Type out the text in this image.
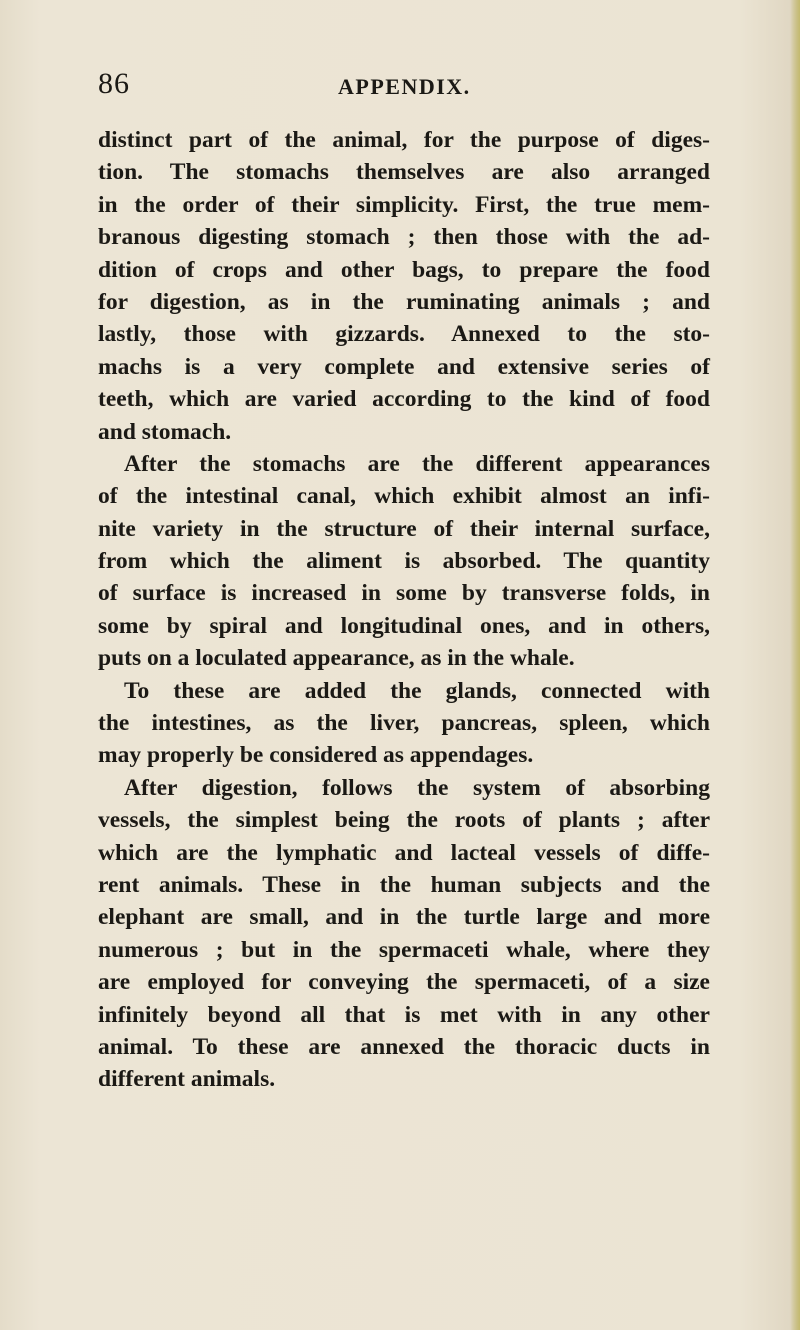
86	APPENDIX.
distinct part of the animal, for the purpose of diges-
tion. The stomachs themselves are also arranged
in the order of their simplicity. First, the true mem-
branous digesting stomach ; then those with the ad-
dition of crops and other bags, to prepare the food
for digestion, as in the ruminating animals ; and
lastly, those with gizzards. Annexed to the sto-
machs is a very complete and extensive series of
teeth, which are varied according to the kind of food
and stomach.
After the stomachs are the different appearances
of the intestinal canal, which exhibit almost an infi-
nite variety in the structure of their internal surface,
from which the aliment is absorbed. The quantity
of surface is increased in some by transverse folds, in
some by spiral and longitudinal ones, and in others,
puts on a loculated appearance, as in the whale.
To these are added the glands, connected with
the intestines, as the liver, pancreas, spleen, which
may properly be considered as appendages.
After digestion, follows the system of absorbing
vessels, the simplest being the roots of plants ; after
which are the lymphatic and lacteal vessels of diffe-
rent animals. These in the human subjects and the
elephant are small, and in the turtle large and more
numerous ; but in the spermaceti whale, where they
are employed for conveying the spermaceti, of a size
infinitely beyond all that is met with in any other
animal. To these are annexed the thoracic ducts in
different animals.
